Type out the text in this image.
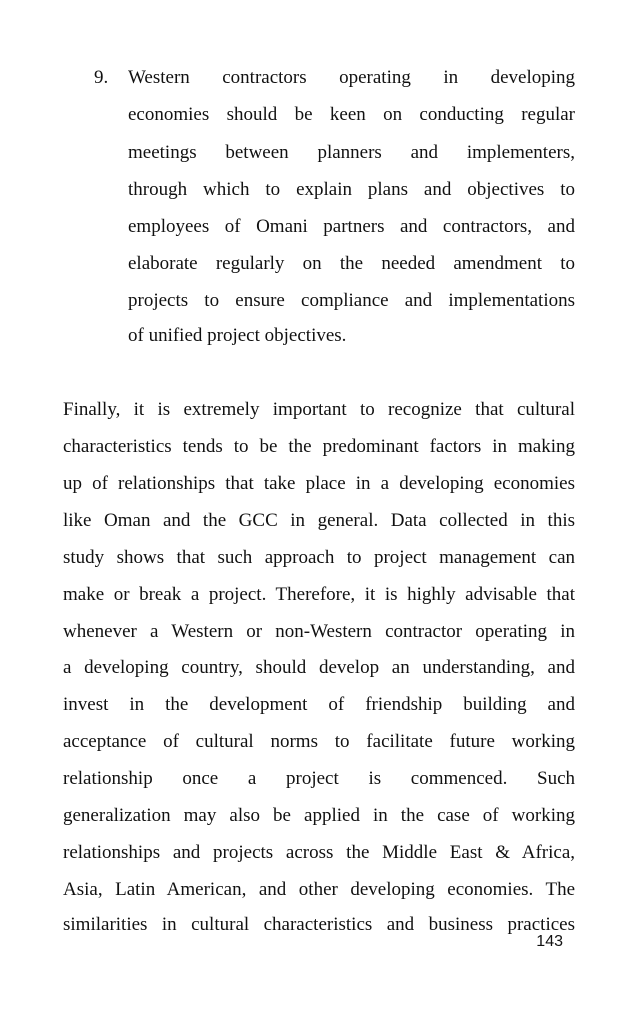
9. Western contractors operating in developing
economies should be keen on conducting regular
meetings between planners and implementers,
through which to explain plans and objectives to
employees of Omani partners and contractors, and
elaborate regularly on the needed amendment to
projects to ensure compliance and implementations
of unified project objectives.
Finally, it is extremely important to recognize that cultural
characteristics tends to be the predominant factors in making
up of relationships that take place in a developing economies
like Oman and the GCC in general. Data collected in this
study shows that such approach to project management can
make or break a project. Therefore, it is highly advisable that
whenever a Western or non-Western contractor operating in
a developing country, should develop an understanding, and
invest in the development of friendship building and
acceptance of cultural norms to facilitate future working
relationship once a project is commenced. Such
generalization may also be applied in the case of working
relationships and projects across the Middle East & Africa,
Asia, Latin American, and other developing economies. The
similarities in cultural characteristics and business practices
143
